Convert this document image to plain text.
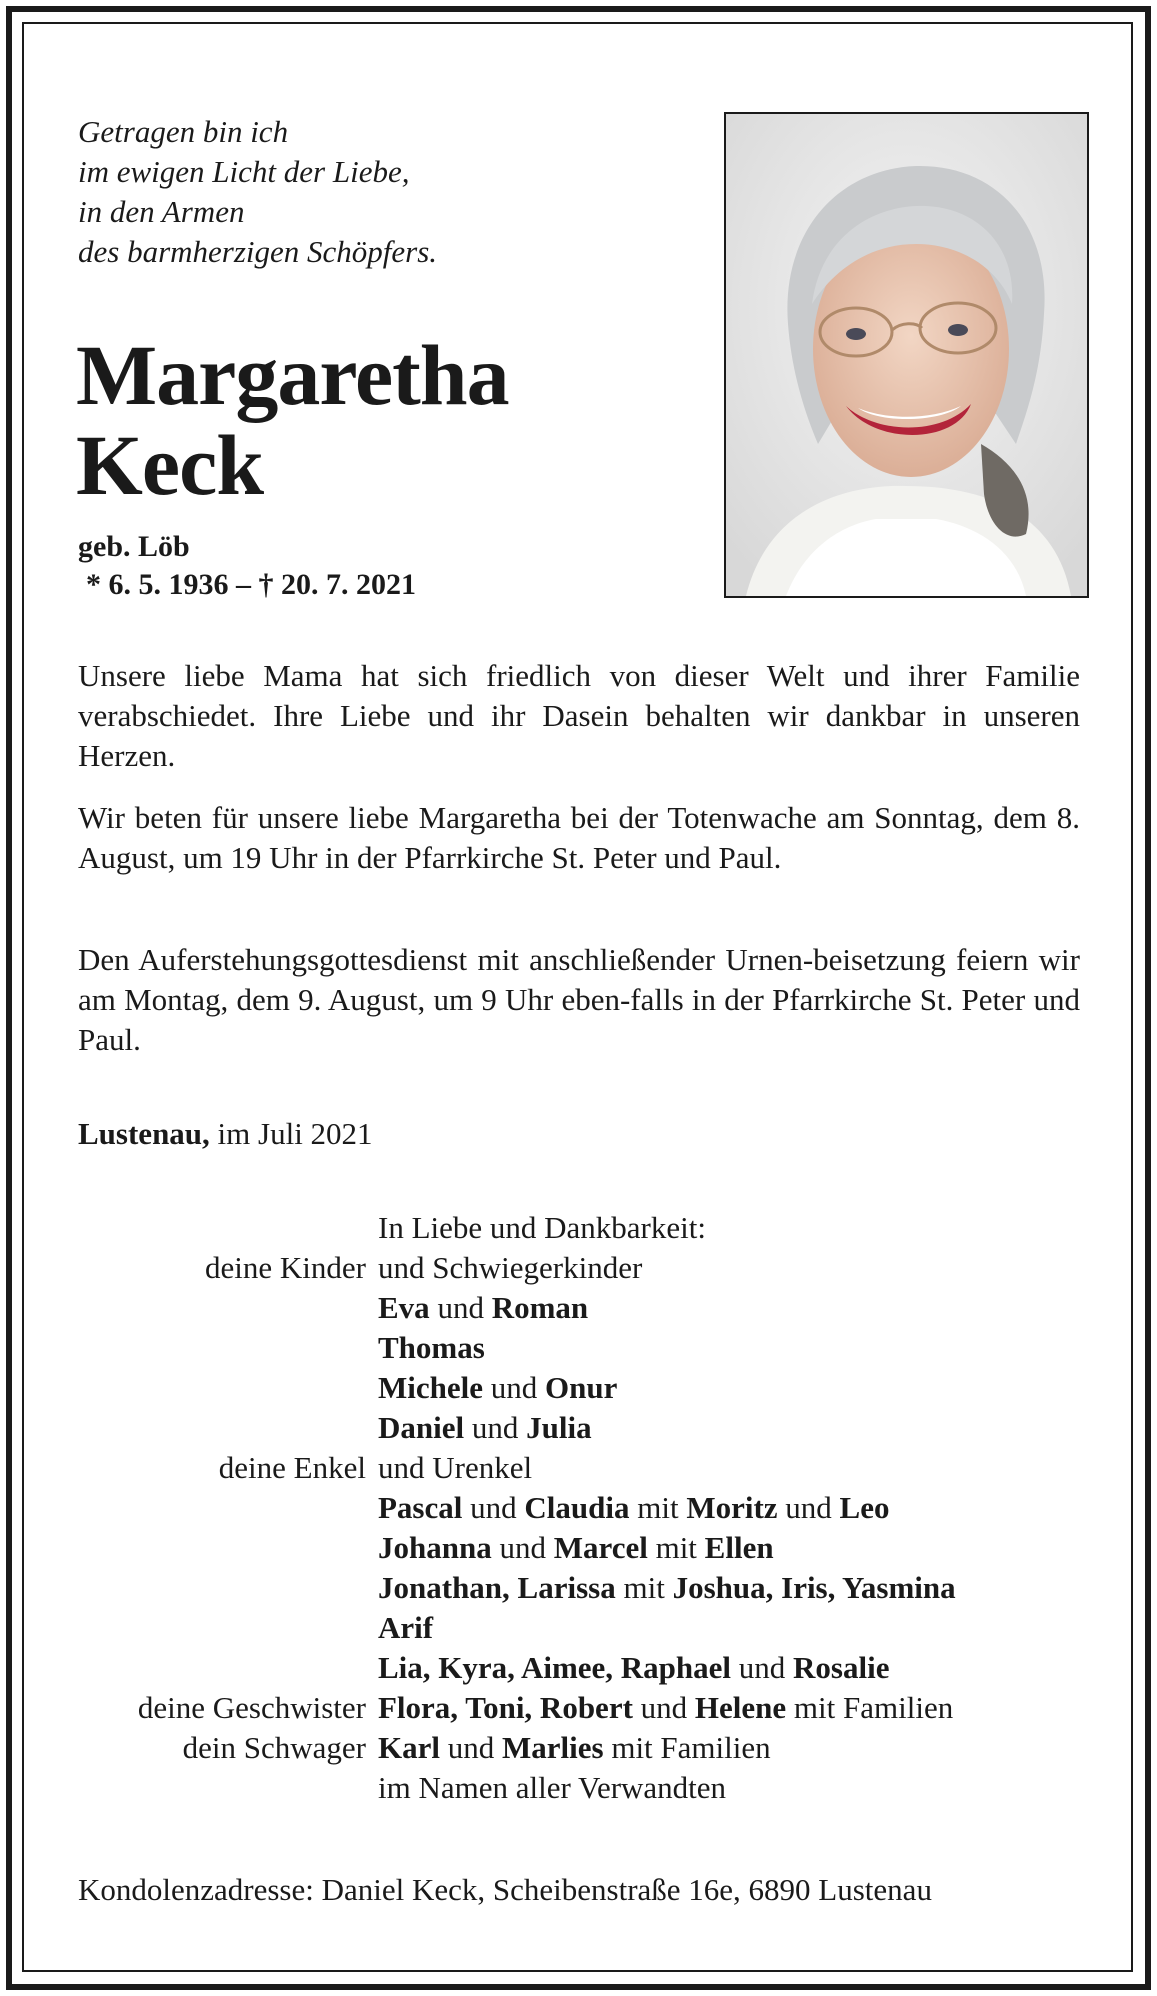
Getragen bin ich
im ewigen Licht der Liebe,
in den Armen
des barmherzigen Schöpfers.
Margaretha
Keck
geb. Löb
* 6. 5. 1936 – † 20. 7. 2021
Unsere liebe Mama hat sich friedlich von dieser Welt und ihrer Familie verabschiedet. Ihre Liebe und ihr Dasein behalten wir dankbar in unseren Herzen.
Wir beten für unsere liebe Margaretha bei der Totenwache am Sonntag, dem 8. August, um 19 Uhr in der Pfarrkirche St. Peter und Paul.
Den Auferstehungsgottesdienst mit anschließender Urnen-beisetzung feiern wir am Montag, dem 9. August, um 9 Uhr eben-falls in der Pfarrkirche St. Peter und Paul.
Lustenau, im Juli 2021
In Liebe und Dankbarkeit:
deine Kinder und Schwiegerkinder
Eva und Roman
Thomas
Michele und Onur
Daniel und Julia
deine Enkel und Urenkel
Pascal und Claudia mit Moritz und Leo
Johanna und Marcel mit Ellen
Jonathan, Larissa mit Joshua, Iris, Yasmina
Arif
Lia, Kyra, Aimee, Raphael und Rosalie
deine Geschwister Flora, Toni, Robert und Helene mit Familien
dein Schwager Karl und Marlies mit Familien
im Namen aller Verwandten
Kondolenzadresse: Daniel Keck, Scheibenstraße 16e, 6890 Lustenau
